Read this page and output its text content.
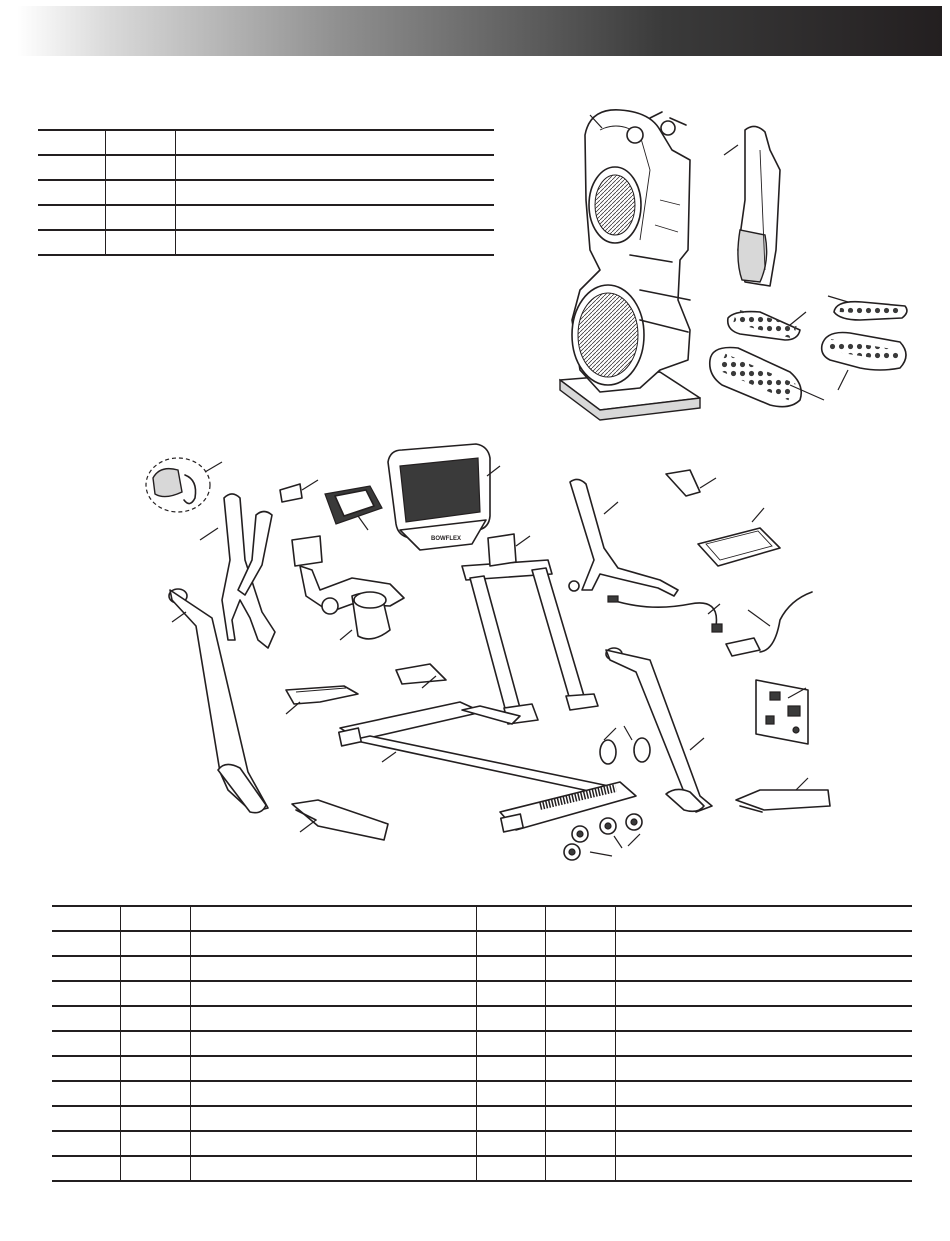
BOWFLEX
